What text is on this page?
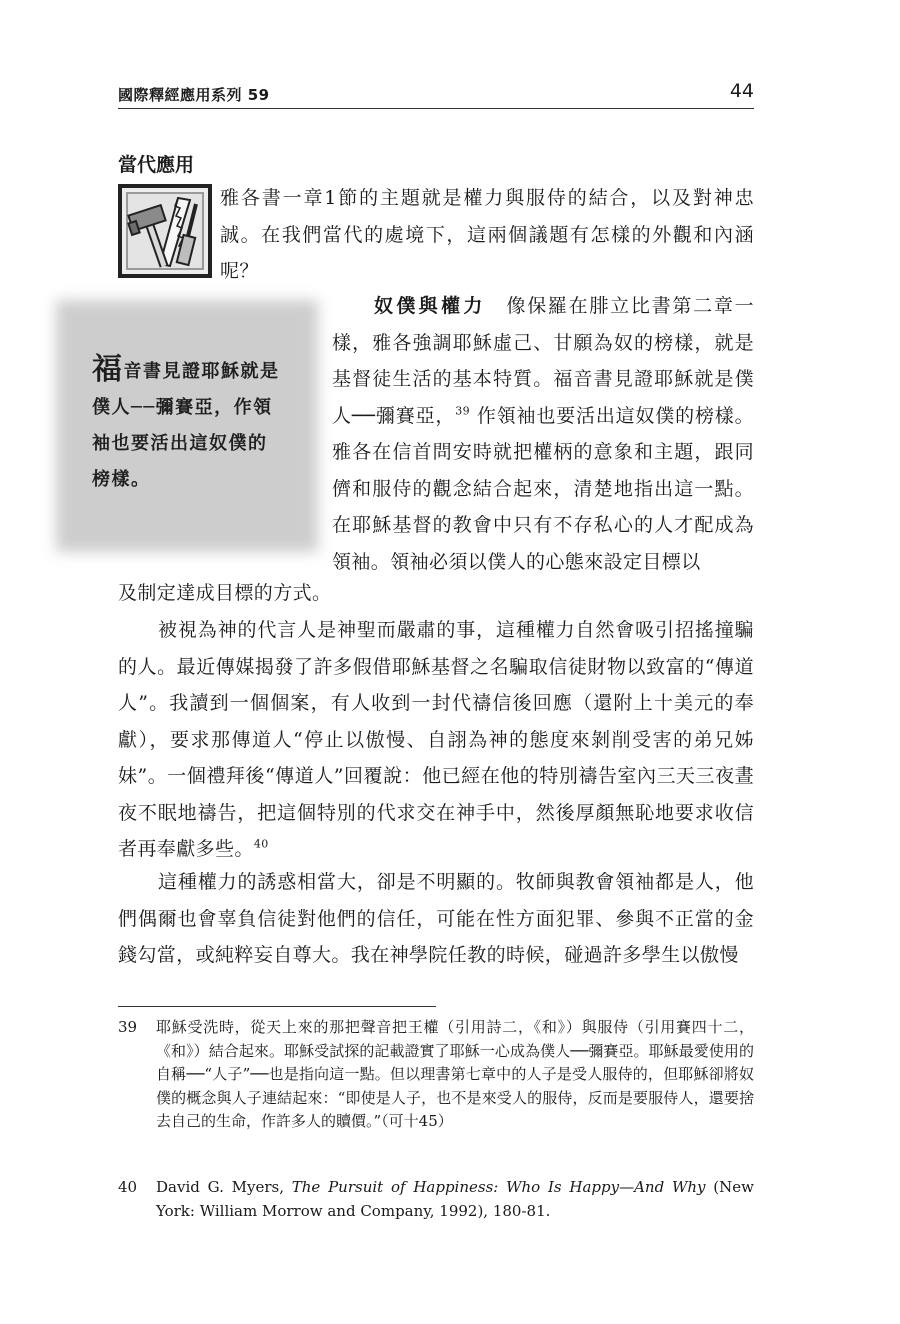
國際釋經應用系列 59	44
當代應用
雅各書一章1節的主題就是權力與服侍的結合，以及對神忠誠。在我們當代的處境下，這兩個議題有怎樣的外觀和內涵呢？
福音書見證耶穌就是僕人──彌賽亞，作領袖也要活出這奴僕的榜樣。
奴僕與權力　 像保羅在腓立比書第二章一樣，雅各強調耶穌虛己、甘願為奴的榜樣，就是基督徒生活的基本特質。福音書見證耶穌就是僕人──彌賽亞，$^{39}$ 作領袖也要活出這奴僕的榜樣。雅各在信首問安時就把權柄的意象和主題，跟同儕和服侍的觀念結合起來，清楚地指出這一點。在耶穌基督的教會中只有不存私心的人才配成為領袖。領袖必須以僕人的心態來設定目標以
及制定達成目標的方式。
被視為神的代言人是神聖而嚴肅的事，這種權力自然會吸引招搖撞騙的人。最近傳媒揭發了許多假借耶穌基督之名騙取信徒財物以致富的“傳道人”。我讀到一個個案，有人收到一封代禱信後回應（還附上十美元的奉獻），要求那傳道人“停止以傲慢、自詡為神的態度來剝削受害的弟兄姊妹”。一個禮拜後“傳道人”回覆說：他已經在他的特別禱告室內三天三夜晝夜不眠地禱告，把這個特別的代求交在神手中，然後厚顏無恥地要求收信者再奉獻多些。$^{40}$
這種權力的誘惑相當大，卻是不明顯的。牧師與教會領袖都是人，他們偶爾也會辜負信徒對他們的信任，可能在性方面犯罪、參與不正當的金錢勾當，或純粹妄自尊大。我在神學院任教的時候，碰過許多學生以傲慢
39 耶穌受洗時，從天上來的那把聲音把王權（引用詩二，《和》）與服侍（引用賽四十二，《和》）結合起來。耶穌受試探的記載證實了耶穌一心成為僕人──彌賽亞。耶穌最愛使用的自稱──“人子”──也是指向這一點。但以理書第七章中的人子是受人服侍的，但耶穌卻將奴僕的概念與人子連結起來：“即使是人子，也不是來受人的服侍，反而是要服侍人，還要捨去自己的生命，作許多人的贖價。”（可十45）
40 David G. Myers, The Pursuit of Happiness: Who Is Happy—And Why (New York: William Morrow and Company, 1992), 180-81.
